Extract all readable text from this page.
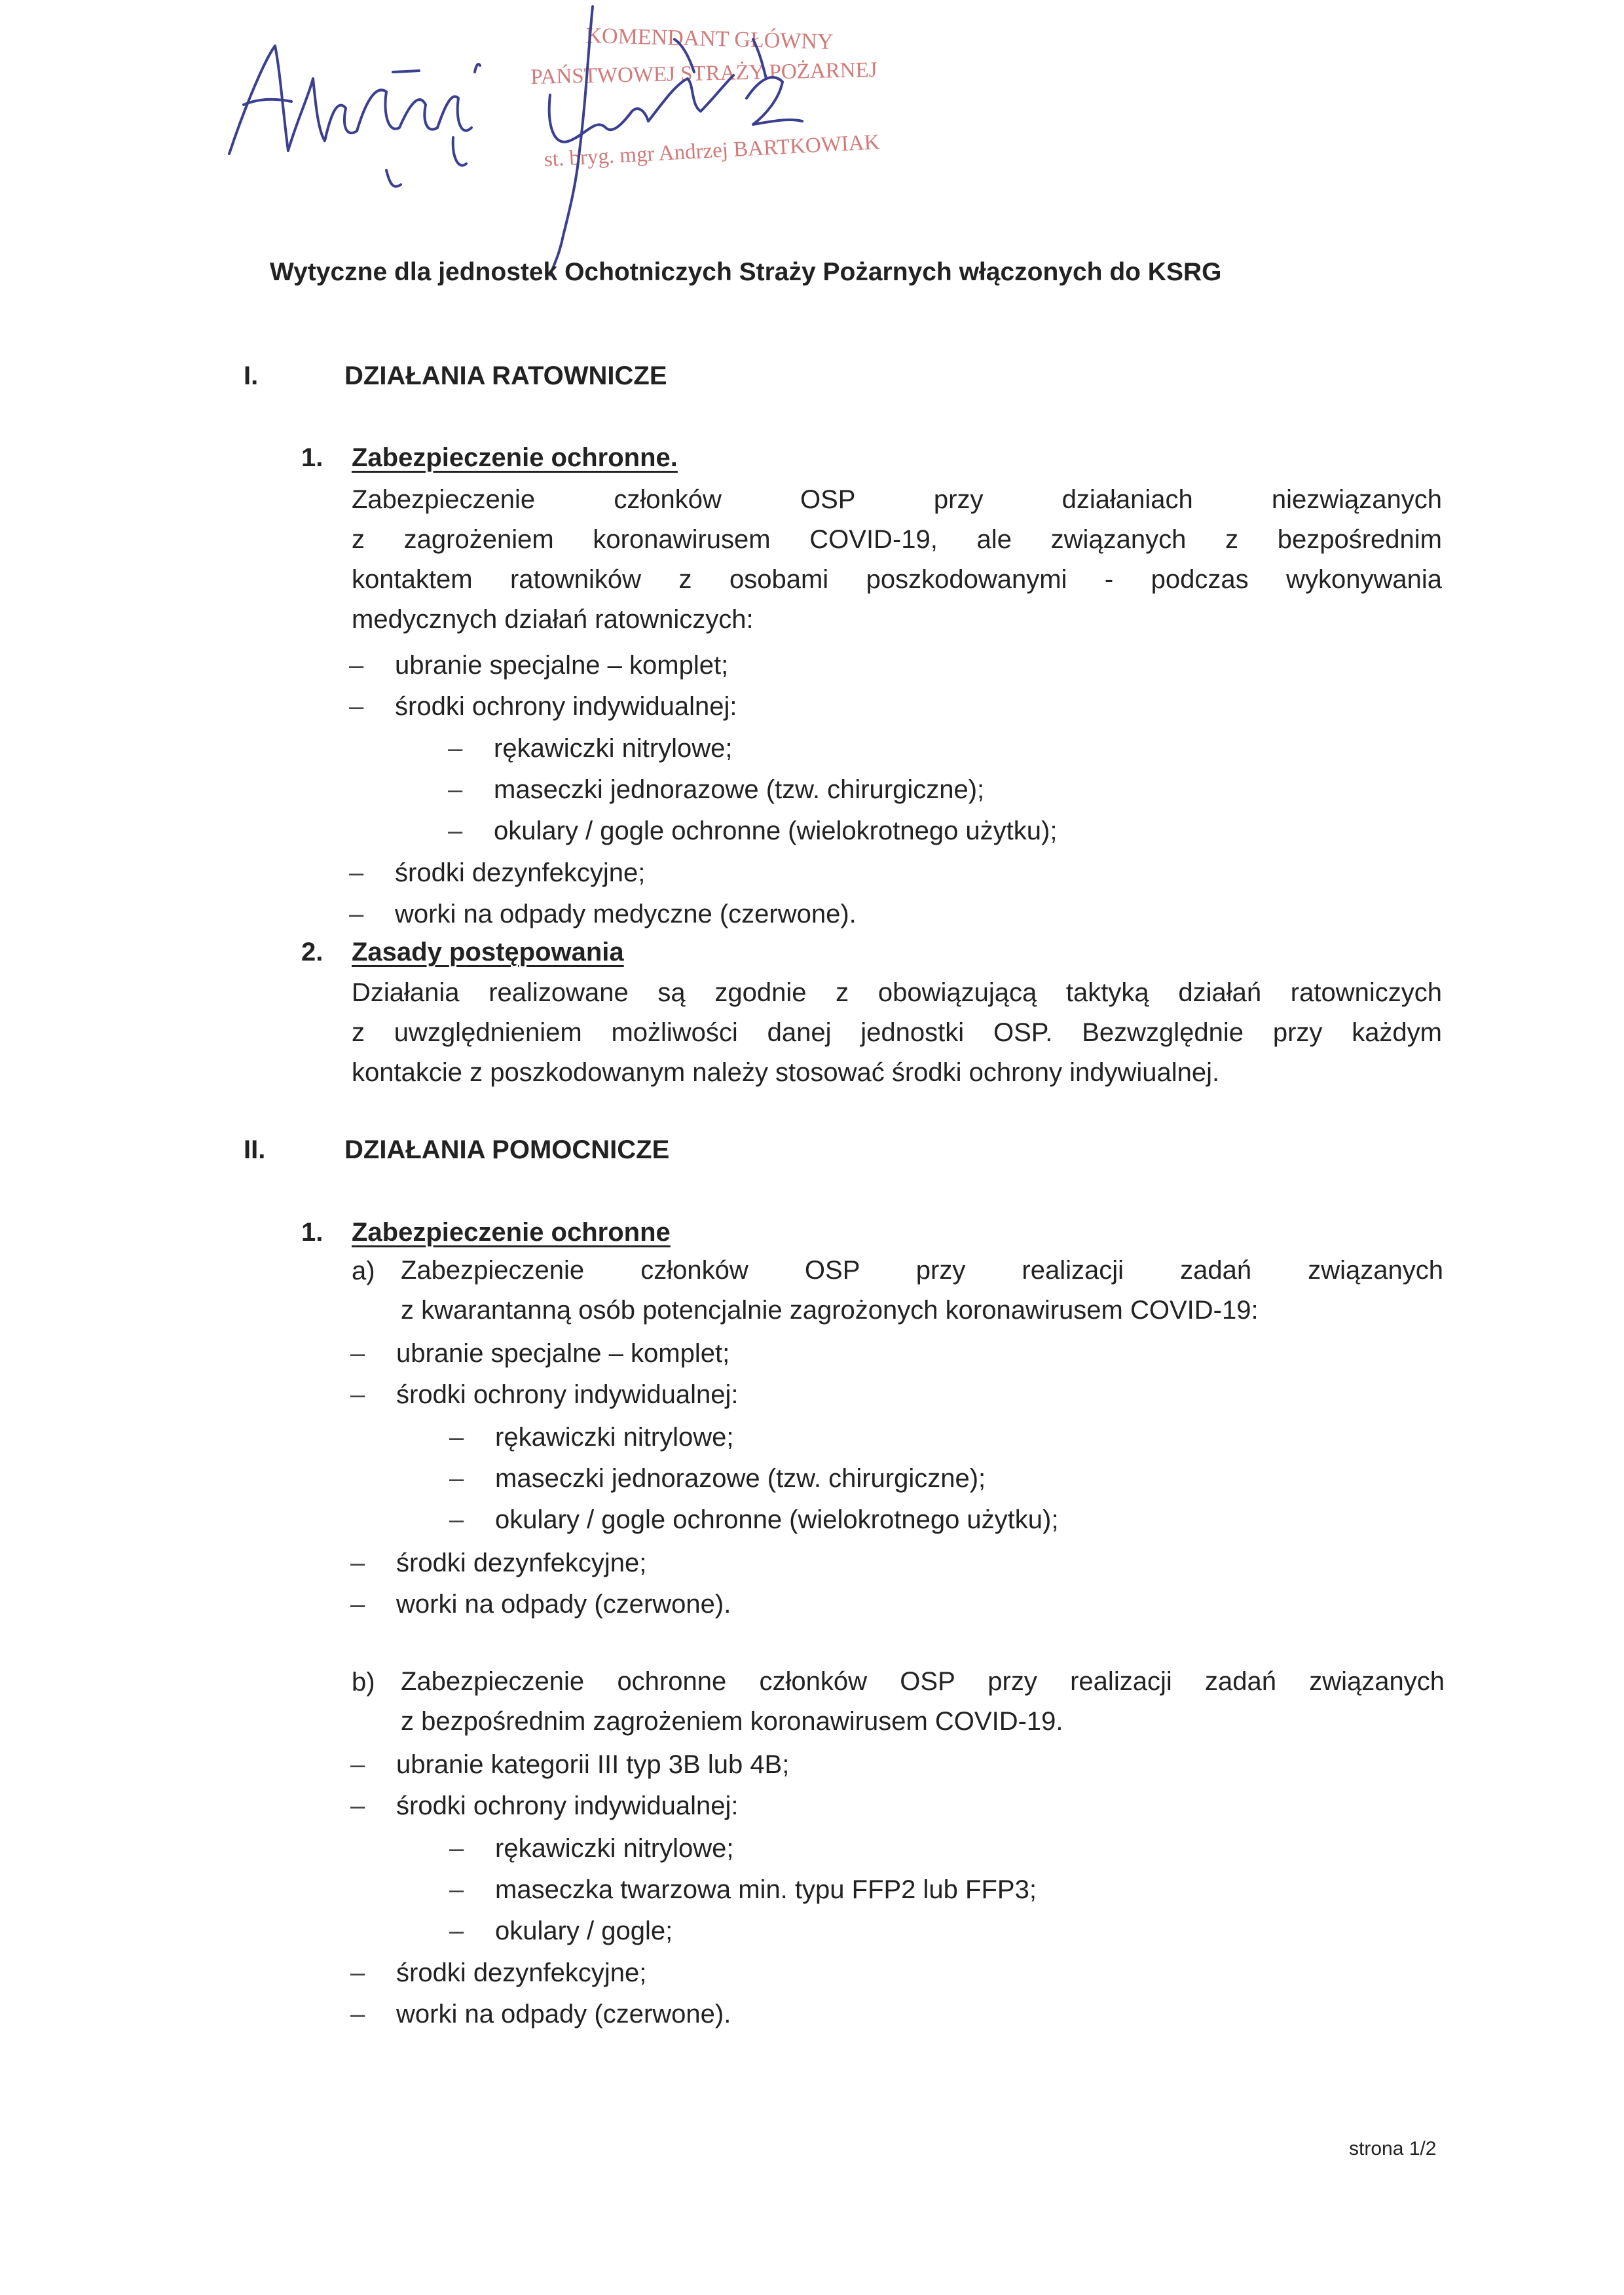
KOMENDANT GŁÓWNY
PAŃSTWOWEJ STRAŻY POŻARNEJ
st. bryg. mgr Andrzej BARTKOWIAK
Wytyczne dla jednostek Ochotniczych Straży Pożarnych włączonych do KSRG
I.	DZIAŁANIA RATOWNICZE
1. Zabezpieczenie ochronne.
Zabezpieczenie członków OSP przy działaniach niezwiązanych
z zagrożeniem koronawirusem COVID-19, ale związanych z bezpośrednim
kontaktem ratowników z osobami poszkodowanymi - podczas wykonywania
medycznych działań ratowniczych:
– ubranie specjalne – komplet;
– środki ochrony indywidualnej:
– rękawiczki nitrylowe;
– maseczki jednorazowe (tzw. chirurgiczne);
– okulary / gogle ochronne (wielokrotnego użytku);
– środki dezynfekcyjne;
– worki na odpady medyczne (czerwone).
2. Zasady postępowania
Działania realizowane są zgodnie z obowiązującą taktyką działań ratowniczych
z uwzględnieniem możliwości danej jednostki OSP. Bezwzględnie przy każdym
kontakcie z poszkodowanym należy stosować środki ochrony indywiualnej.
II.	DZIAŁANIA POMOCNICZE
1. Zabezpieczenie ochronne
a) Zabezpieczenie członków OSP przy realizacji zadań związanych
z kwarantanną osób potencjalnie zagrożonych koronawirusem COVID-19:
– ubranie specjalne – komplet;
– środki ochrony indywidualnej:
– rękawiczki nitrylowe;
– maseczki jednorazowe (tzw. chirurgiczne);
– okulary / gogle ochronne (wielokrotnego użytku);
– środki dezynfekcyjne;
– worki na odpady (czerwone).
b) Zabezpieczenie ochronne członków OSP przy realizacji zadań związanych
z bezpośrednim zagrożeniem koronawirusem COVID-19.
– ubranie kategorii III typ 3B lub 4B;
– środki ochrony indywidualnej:
– rękawiczki nitrylowe;
– maseczka twarzowa min. typu FFP2 lub FFP3;
– okulary / gogle;
– środki dezynfekcyjne;
– worki na odpady (czerwone).
strona 1/2
